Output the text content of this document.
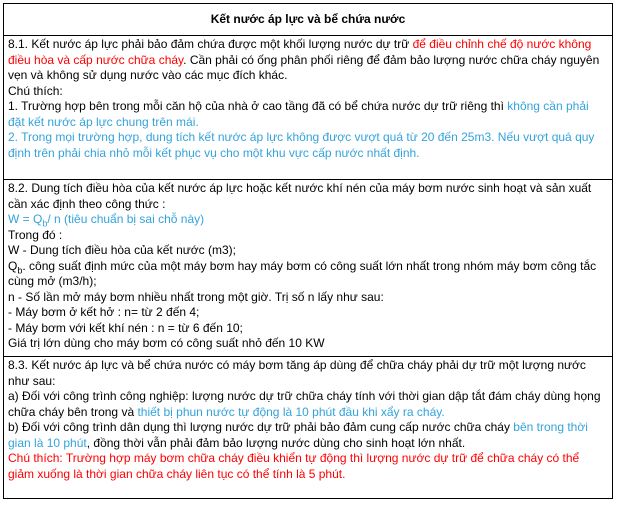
Kết nước áp lực và bể chứa nước

8.1. Kết nước áp lực phải bảo đảm chứa được một khối lượng nước dự trữ để điều chỉnh chế độ nước không điều hòa và cấp nước chữa cháy. Cần phải có ống phân phối riêng để đảm bảo lượng nước chữa cháy nguyên vẹn và không sử dụng nước vào các mục đích khác.
Chú thích:
1. Trường hợp bên trong mỗi căn hộ của nhà ở cao tầng đã có bể chứa nước dự trữ riêng thì không cần phải đặt kết nước áp lực chung trên mái.
2. Trong mọi trường hợp, dung tích kết nước áp lực không được vượt quá từ 20 đến 25m3. Nếu vượt quá quy định trên phải chia nhỏ mỗi kết phục vụ cho một khu vực cấp nước nhất định.

8.2. Dung tích điều hòa của kết nước áp lực hoặc kết nước khí nén của máy bơm nước sinh hoạt và sản xuất cần xác định theo công thức :
$W = Q_b/$ n (tiêu chuẩn bị sai chỗ này)
Trong đó :
W - Dung tích điều hòa của kết nước (m3);
$Q_b$. công suất định mức của một máy bơm hay máy bơm có công suất lớn nhất trong nhóm máy bơm công tắc cùng mở (m3/h);
n - Số lần mở máy bơm nhiều nhất trong một giờ. Trị số n lấy như sau:
- Máy bơm ở kết hở : n= từ 2 đến 4;
- Máy bơm với kết khí nén : n = từ 6 đến 10;
Giá trị lớn dùng cho máy bơm có công suất nhỏ đến 10 KW

8.3. Kết nước áp lực và bể chứa nước có máy bơm tăng áp dùng để chữa cháy phải dự trữ một lượng nước như sau:
a) Đối với công trình công nghiệp: lượng nước dự trữ chữa cháy tính với thời gian dập tắt đám cháy dùng họng chữa cháy bên trong và thiết bị phun nước tự động là 10 phút đầu khi xẩy ra cháy.
b) Đối với công trình dân dụng thì lượng nước dự trữ phải bảo đảm cung cấp nước chữa cháy bên trong thời gian là 10 phút, đồng thời vẫn phải đảm bảo lượng nước dùng cho sinh hoạt lớn nhất.
Chú thích: Trường hợp máy bơm chữa cháy điều khiển tự động thì lượng nước dự trữ để chữa cháy có thể giảm xuống là thời gian chữa cháy liên tục có thể tính là 5 phút.
